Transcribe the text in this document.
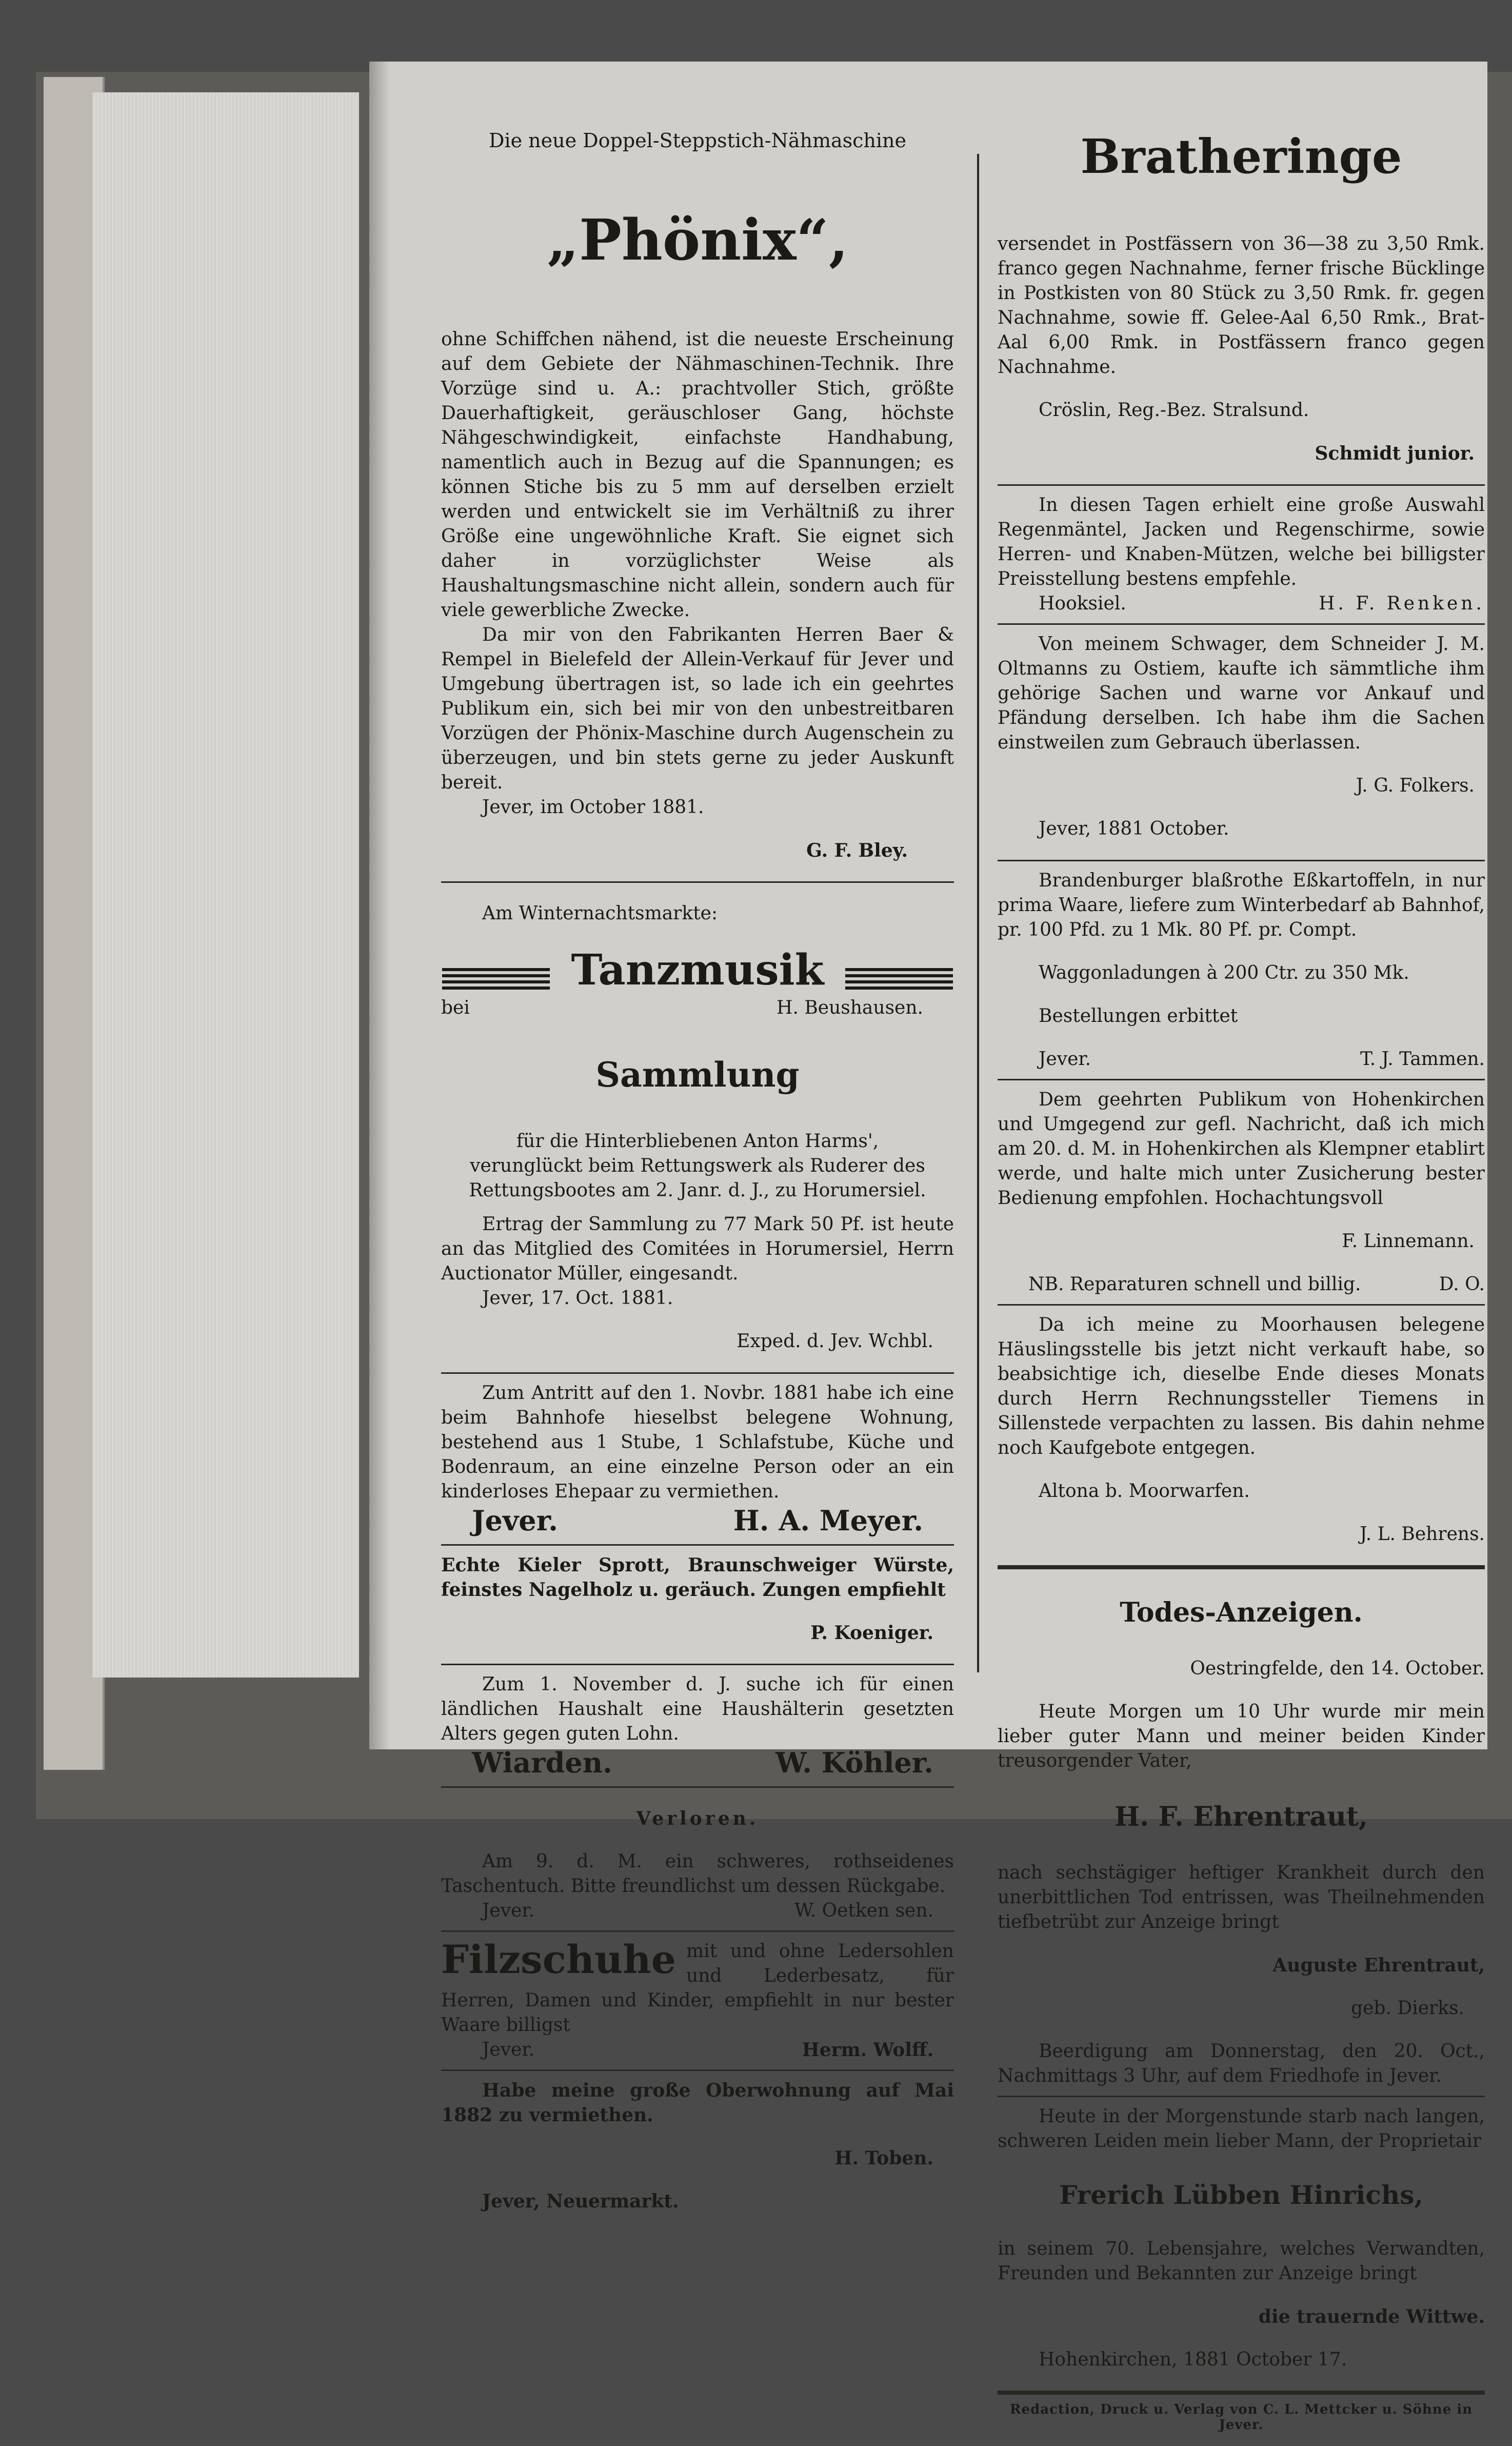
Die neue Doppel-Steppstich-Nähmaschine

„Phönix“,

ohne Schiffchen nähend, ist die neueste Erscheinung auf dem Gebiete der Nähmaschinen-Technik. Ihre Vorzüge sind u. A.: prachtvoller Stich, größte Dauerhaftigkeit, geräuschloser Gang, höchste Nähgeschwindigkeit, einfachste Handhabung, namentlich auch in Bezug auf die Spannungen; es können Stiche bis zu 5 mm auf derselben erzielt werden und entwickelt sie im Verhältniß zu ihrer Größe eine ungewöhnliche Kraft. Sie eignet sich daher in vorzüglichster Weise als Haushaltungsmaschine nicht allein, sondern auch für viele gewerbliche Zwecke.

Da mir von den Fabrikanten Herren Baer & Rempel in Bielefeld der Allein-Verkauf für Jever und Umgebung übertragen ist, so lade ich ein geehrtes Publikum ein, sich bei mir von den unbestreitbaren Vorzügen der Phönix-Maschine durch Augenschein zu überzeugen, und bin stets gerne zu jeder Auskunft bereit.

Jever, im October 1881.

G. F. Bley.

Am Winternachtsmarkte:

Tanzmusik
bei	H. Beushausen.

Sammlung

für die Hinterbliebenen Anton Harms', verunglückt beim Rettungswerk als Ruderer des Rettungsbootes am 2. Janr. d. J., zu Horumersiel.

Ertrag der Sammlung zu 77 Mark 50 Pf. ist heute an das Mitglied des Comitées in Horumersiel, Herrn Auctionator Müller, eingesandt.

Jever, 17. Oct. 1881.

Exped. d. Jev. Wchbl.

Zum Antritt auf den 1. Novbr. 1881 habe ich eine beim Bahnhofe hieselbst belegene Wohnung, bestehend aus 1 Stube, 1 Schlafstube, Küche und Bodenraum, an eine einzelne Person oder an ein kinderloses Ehepaar zu vermiethen.

Jever.	H. A. Meyer.

Echte Kieler Sprott, Braunschweiger Würste, feinstes Nagelholz u. geräuch. Zungen empfiehlt

P. Koeniger.

Zum 1. November d. J. suche ich für einen ländlichen Haushalt eine Haushälterin gesetzten Alters gegen guten Lohn.

Wiarden.	W. Köhler.

Verloren.

Am 9. d. M. ein schweres, rothseidenes Taschentuch. Bitte freundlichst um dessen Rückgabe.

Jever.	W. Oetken sen.

Filzschuhe mit und ohne Ledersohlen und Lederbesatz, für Herren, Damen und Kinder, empfiehlt in nur bester Waare billigst

Jever.	Herm. Wolff.

Habe meine große Oberwohnung auf Mai 1882 zu vermiethen.

H. Toben.

Jever, Neuermarkt.

Bratheringe

versendet in Postfässern von 36—38 zu 3,50 Rmk. franco gegen Nachnahme, ferner frische Bücklinge in Postkisten von 80 Stück zu 3,50 Rmk. fr. gegen Nachnahme, sowie ff. Gelee-Aal 6,50 Rmk., Brat-Aal 6,00 Rmk. in Postfässern franco gegen Nachnahme.

Cröslin, Reg.-Bez. Stralsund.

Schmidt junior.

In diesen Tagen erhielt eine große Auswahl Regenmäntel, Jacken und Regenschirme, sowie Herren- und Knaben-Mützen, welche bei billigster Preisstellung bestens empfehle.

Hooksiel.	H. F. Renken.

Von meinem Schwager, dem Schneider J. M. Oltmanns zu Ostiem, kaufte ich sämmtliche ihm gehörige Sachen und warne vor Ankauf und Pfändung derselben. Ich habe ihm die Sachen einstweilen zum Gebrauch überlassen.

J. G. Folkers.

Jever, 1881 October.

Brandenburger blaßrothe Eßkartoffeln, in nur prima Waare, liefere zum Winterbedarf ab Bahnhof, pr. 100 Pfd. zu 1 Mk. 80 Pf. pr. Compt.

Waggonladungen à 200 Ctr. zu 350 Mk.

Bestellungen erbittet

Jever.	T. J. Tammen.

Dem geehrten Publikum von Hohenkirchen und Umgegend zur gefl. Nachricht, daß ich mich am 20. d. M. in Hohenkirchen als Klempner etablirt werde, und halte mich unter Zusicherung bester Bedienung empfohlen. Hochachtungsvoll

F. Linnemann.

NB. Reparaturen schnell und billig.	D. O.

Da ich meine zu Moorhausen belegene Häuslingsstelle bis jetzt nicht verkauft habe, so beabsichtige ich, dieselbe Ende dieses Monats durch Herrn Rechnungssteller Tiemens in Sillenstede verpachten zu lassen. Bis dahin nehme noch Kaufgebote entgegen.

Altona b. Moorwarfen.

J. L. Behrens.

Todes-Anzeigen.

Oestringfelde, den 14. October.

Heute Morgen um 10 Uhr wurde mir mein lieber guter Mann und meiner beiden Kinder treusorgender Vater,

H. F. Ehrentraut,

nach sechstägiger heftiger Krankheit durch den unerbittlichen Tod entrissen, was Theilnehmenden tiefbetrübt zur Anzeige bringt

Auguste Ehrentraut,

geb. Dierks.

Beerdigung am Donnerstag, den 20. Oct., Nachmittags 3 Uhr, auf dem Friedhofe in Jever.

Heute in der Morgenstunde starb nach langen, schweren Leiden mein lieber Mann, der Proprietair

Frerich Lübben Hinrichs,

in seinem 70. Lebensjahre, welches Verwandten, Freunden und Bekannten zur Anzeige bringt

die trauernde Wittwe.

Hohenkirchen, 1881 October 17.

Redaction, Druck u. Verlag von C. L. Mettcker u. Söhne in Jever.
